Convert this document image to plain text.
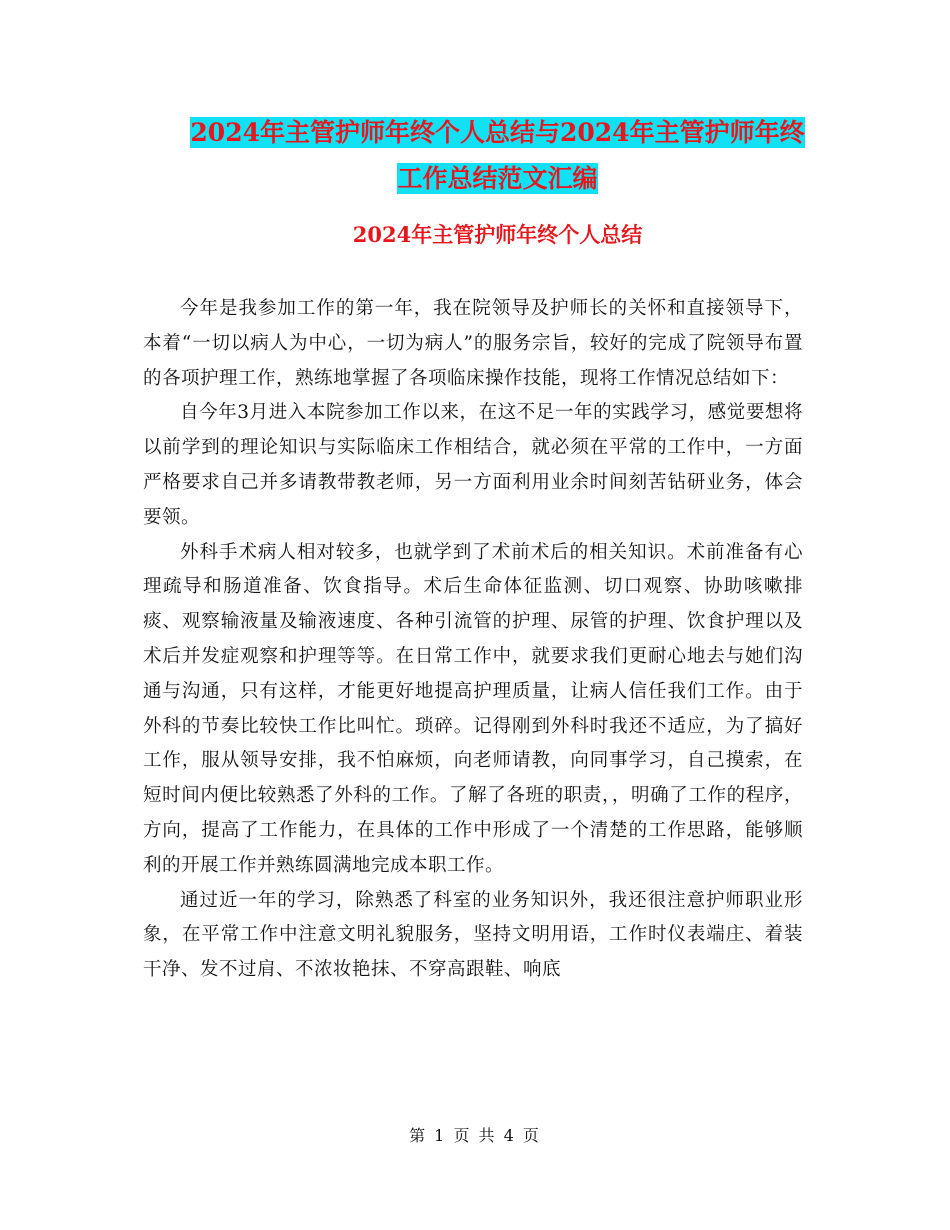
2024年主管护师年终个人总结与2024年主管护师年终
工作总结范文汇编
2024年主管护师年终个人总结

今年是我参加工作的第一年，我在院领导及护师长的关怀和直接领导下，本着“一切以病人为中心，一切为病人”的服务宗旨，较好的完成了院领导布置的各项护理工作，熟练地掌握了各项临床操作技能，现将工作情况总结如下：

自今年3月进入本院参加工作以来，在这不足一年的实践学习，感觉要想将以前学到的理论知识与实际临床工作相结合，就必须在平常的工作中，一方面严格要求自己并多请教带教老师，另一方面利用业余时间刻苦钻研业务，体会要领。

外科手术病人相对较多，也就学到了术前术后的相关知识。术前准备有心理疏导和肠道准备、饮食指导。术后生命体征监测、切口观察、协助咳嗽排痰、观察输液量及输液速度、各种引流管的护理、尿管的护理、饮食护理以及术后并发症观察和护理等等。在日常工作中，就要求我们更耐心地去与她们沟通与沟通，只有这样，才能更好地提高护理质量，让病人信任我们工作。由于外科的节奏比较快工作比叫忙。琐碎。记得刚到外科时我还不适应，为了搞好工作，服从领导安排，我不怕麻烦，向老师请教，向同事学习，自己摸索，在短时间内便比较熟悉了外科的工作。了解了各班的职责，，明确了工作的程序，方向，提高了工作能力，在具体的工作中形成了一个清楚的工作思路，能够顺利的开展工作并熟练圆满地完成本职工作。

通过近一年的学习，除熟悉了科室的业务知识外，我还很注意护师职业形象，在平常工作中注意文明礼貌服务，坚持文明用语，工作时仪表端庄、着装干净、发不过肩、不浓妆艳抹、不穿高跟鞋、响底

第 1 页 共 4 页
